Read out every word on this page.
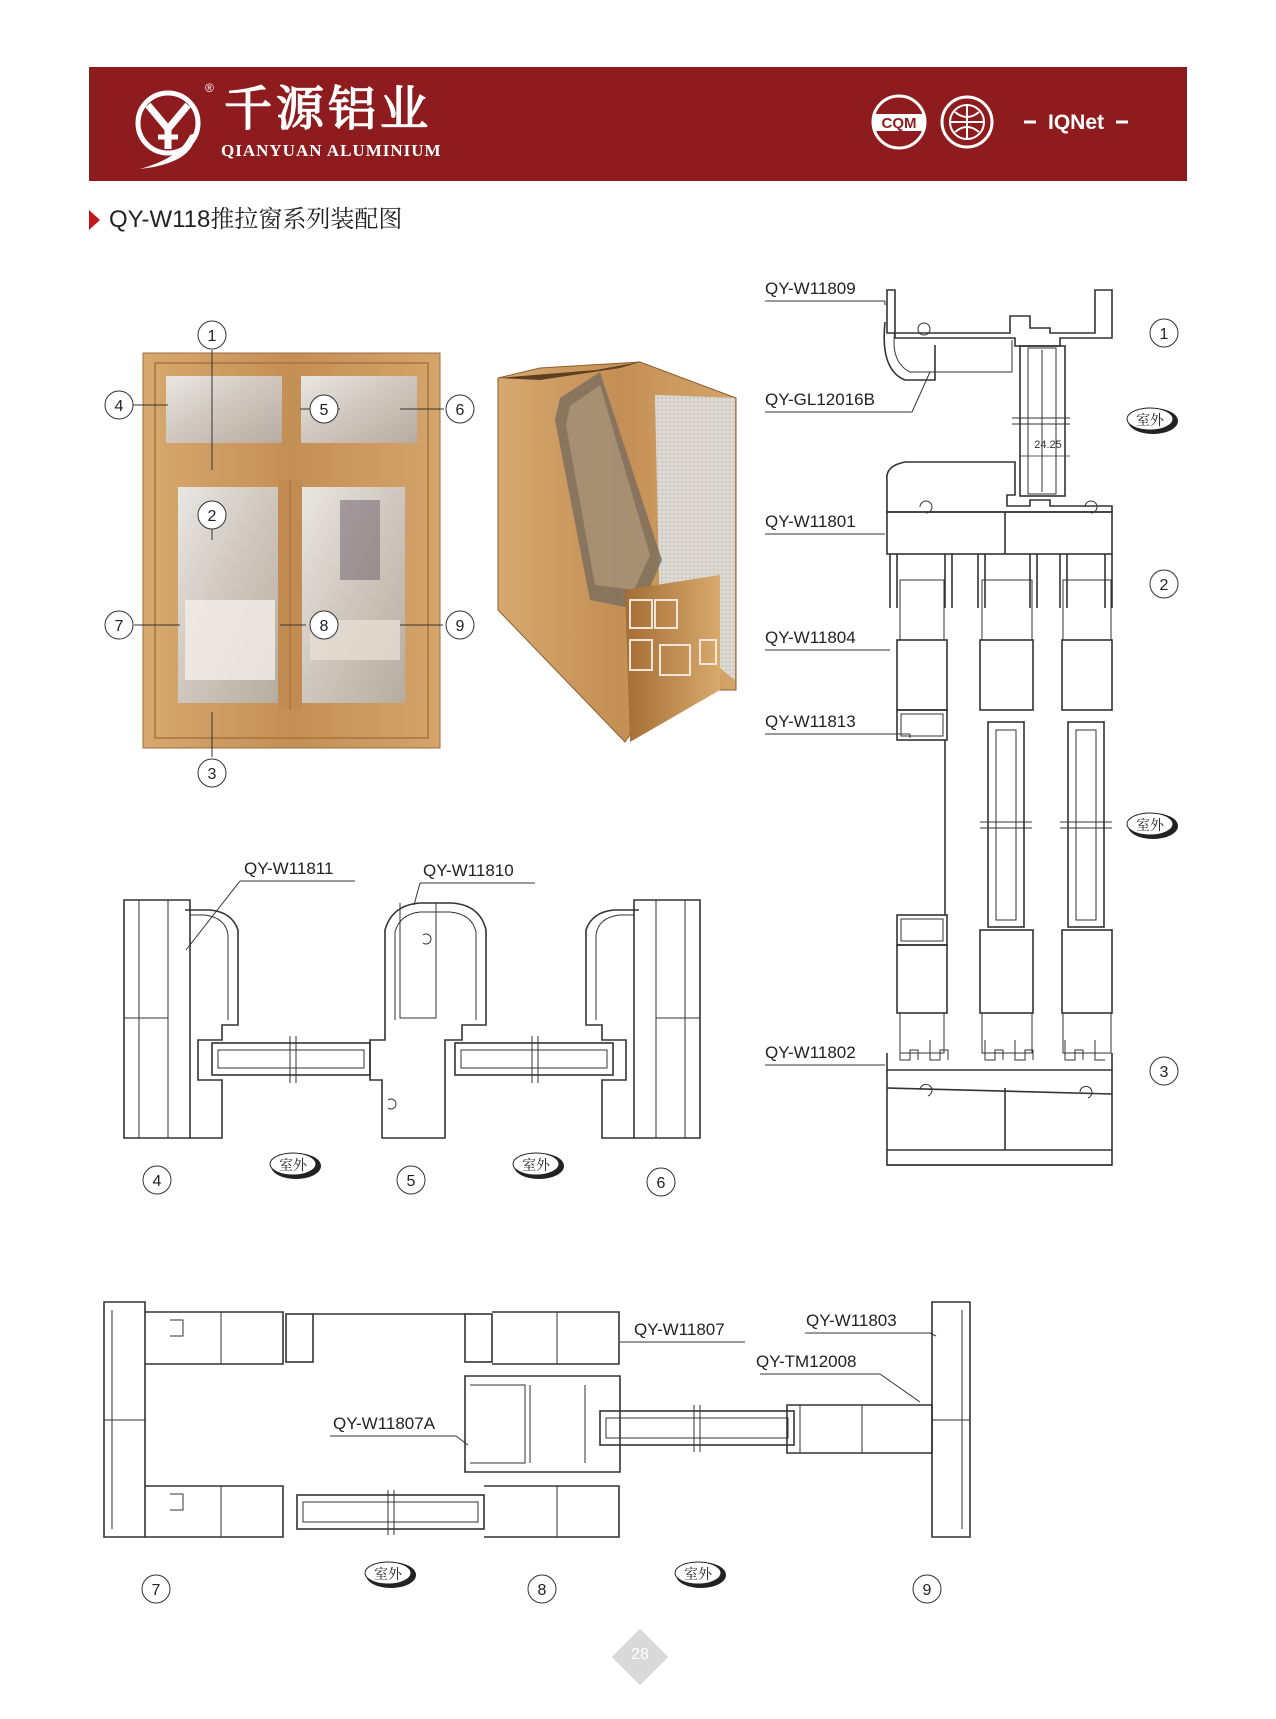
® 千源铝业
QIANYUAN ALUMINIUM
CQM	IQNet
QY-W118推拉窗系列装配图
24.25
QY-W11809
QY-GL12016B
QY-W11801
QY-W11804
QY-W11813
QY-W11802
QY-W11811	QY-W11810
QY-W11807	QY-W11803
QY-TM12008
QY-W11807A
1
2
3
4	5	6
7	8	9
1
2
3
4	5	6
7	8	9
室外
室外
室外	室外
室外	室外
28
